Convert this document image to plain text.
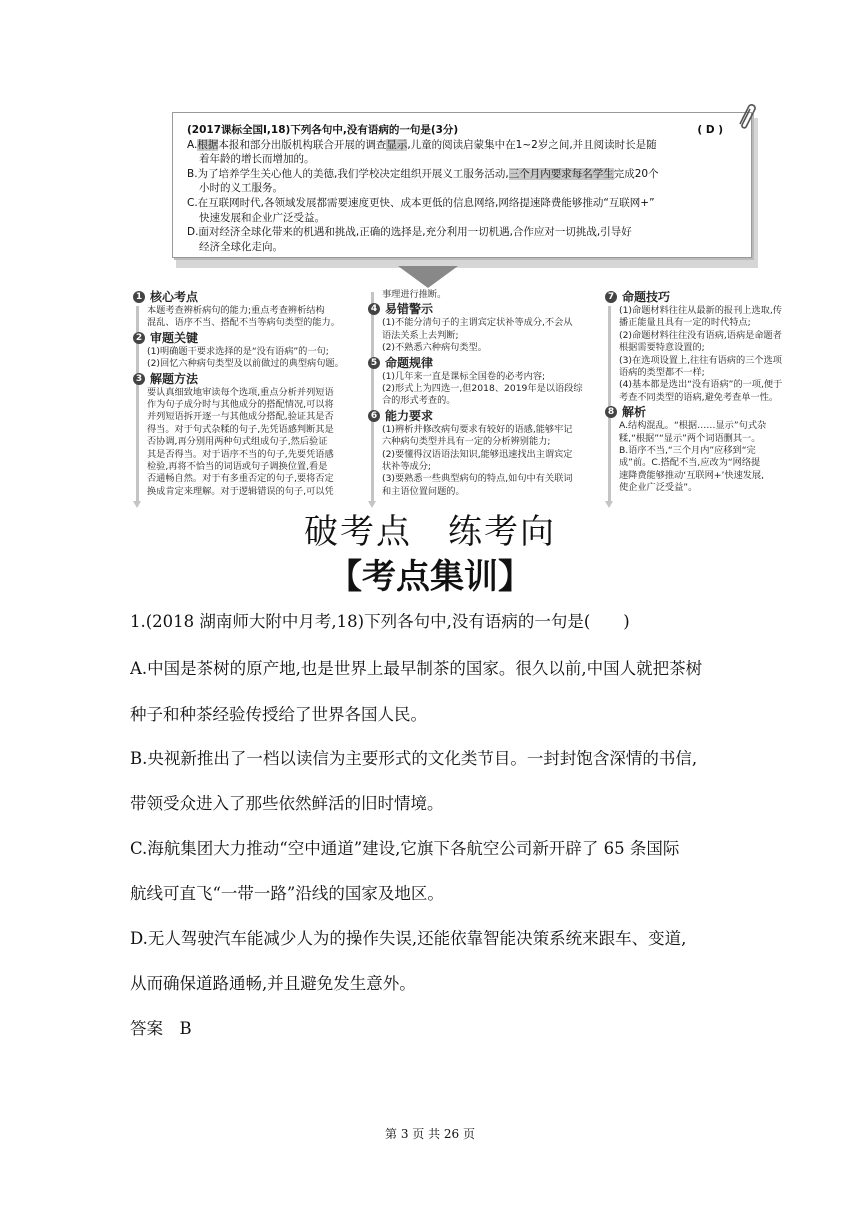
(2017课标全国Ⅰ,18)下列各句中,没有语病的一句是(3分)	( D )
A.根据本报和部分出版机构联合开展的调查显示,儿童的阅读启蒙集中在1~2岁之间,并且阅读时长是随
着年龄的增长而增加的。
B.为了培养学生关心他人的美德,我们学校决定组织开展义工服务活动,三个月内要求每名学生完成20个
小时的义工服务。
C.在互联网时代,各领域发展都需要速度更快、成本更低的信息网络,网络提速降费能够推动“互联网+”
快速发展和企业广泛受益。
D.面对经济全球化带来的机遇和挑战,正确的选择是,充分利用一切机遇,合作应对一切挑战,引导好
经济全球化走向。
1 核心考点
本题考查辨析病句的能力;重点考查辨析结构
混乱、语序不当、搭配不当等病句类型的能力。
2 审题关键
(1)明确题干要求选择的是“没有语病”的一句;
(2)回忆六种病句类型及以前做过的典型病句题。
3 解题方法
要认真细致地审读每个选项,重点分析并列短语
作为句子成分时与其他成分的搭配情况,可以将
并列短语拆开逐一与其他成分搭配,验证其是否
得当。对于句式杂糅的句子,先凭语感判断其是
否协调,再分别用两种句式组成句子,然后验证
其是否得当。对于语序不当的句子,先要凭语感
检验,再将不恰当的词语或句子调换位置,看是
否通畅自然。对于有多重否定的句子,要将否定
换成肯定来理解。对于逻辑错误的句子,可以凭
事理进行推断。
4 易错警示
(1)不能分清句子的主谓宾定状补等成分,不会从
语法关系上去判断;
(2)不熟悉六种病句类型。
5 命题规律
(1)几年来一直是课标全国卷的必考内容;
(2)形式上为四选一,但2018、2019年是以语段综
合的形式考查的。
6 能力要求
(1)辨析并修改病句要求有较好的语感,能够牢记
六种病句类型并具有一定的分析辨别能力;
(2)要懂得汉语语法知识,能够迅速找出主谓宾定
状补等成分;
(3)要熟悉一些典型病句的特点,如句中有关联词
和主语位置问题的。
7 命题技巧
(1)命题材料往往从最新的报刊上选取,传
播正能量且具有一定的时代特点;
(2)命题材料往往没有语病,语病是命题者
根据需要特意设置的;
(3)在选项设置上,往往有语病的三个选项
语病的类型都不一样;
(4)基本都是选出“没有语病”的一项,便于
考查不同类型的语病,避免考查单一性。
8 解析
A.结构混乱。“根据……显示”句式杂
糅,“根据”“显示”两个词语删其一。
B.语序不当,“三个月内”应移到“完
成”前。C.搭配不当,应改为“网络提
速降费能够推动‘互联网+’快速发展,
使企业广泛受益”。
破考点　练考向
【考点集训】
1.(2018 湖南师大附中月考,18)下列各句中,没有语病的一句是(　　)
A.中国是茶树的原产地,也是世界上最早制茶的国家。很久以前,中国人就把茶树
种子和种茶经验传授给了世界各国人民。
B.央视新推出了一档以读信为主要形式的文化类节目。一封封饱含深情的书信,
带领受众进入了那些依然鲜活的旧时情境。
C.海航集团大力推动“空中通道”建设,它旗下各航空公司新开辟了 65 条国际
航线可直飞“一带一路”沿线的国家及地区。
D.无人驾驶汽车能减少人为的操作失误,还能依靠智能决策系统来跟车、变道,
从而确保道路通畅,并且避免发生意外。
答案　B
第 3 页 共 26 页
